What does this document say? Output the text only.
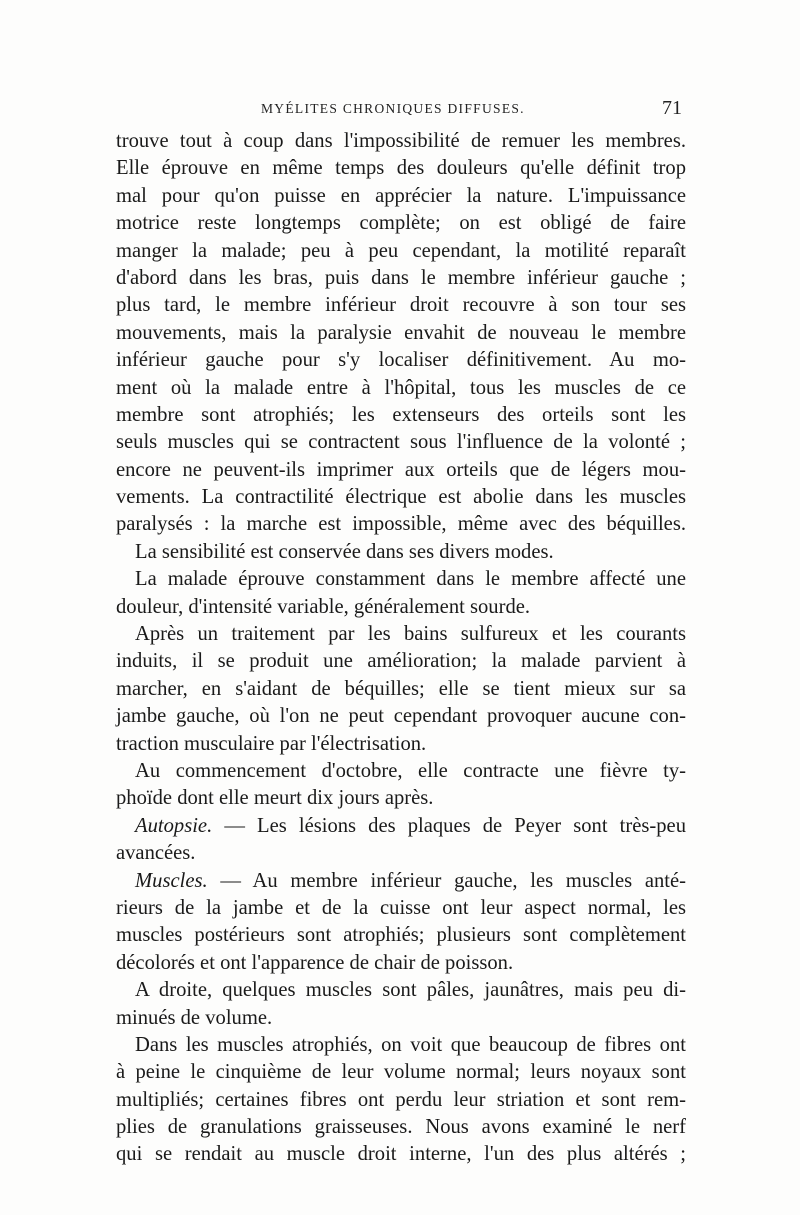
MYÉLITES CHRONIQUES DIFFUSES.	71
trouve tout à coup dans l'impossibilité de remuer les membres.
Elle éprouve en même temps des douleurs qu'elle définit trop
mal pour qu'on puisse en apprécier la nature. L'impuissance
motrice reste longtemps complète; on est obligé de faire
manger la malade; peu à peu cependant, la motilité reparaît
d'abord dans les bras, puis dans le membre inférieur gauche ;
plus tard, le membre inférieur droit recouvre à son tour ses
mouvements, mais la paralysie envahit de nouveau le membre
inférieur gauche pour s'y localiser définitivement. Au mo-
ment où la malade entre à l'hôpital, tous les muscles de ce
membre sont atrophiés; les extenseurs des orteils sont les
seuls muscles qui se contractent sous l'influence de la volonté ;
encore ne peuvent-ils imprimer aux orteils que de légers mou-
vements. La contractilité électrique est abolie dans les muscles
paralysés : la marche est impossible, même avec des béquilles.
La sensibilité est conservée dans ses divers modes.
La malade éprouve constamment dans le membre affecté une
douleur, d'intensité variable, généralement sourde.
Après un traitement par les bains sulfureux et les courants
induits, il se produit une amélioration; la malade parvient à
marcher, en s'aidant de béquilles; elle se tient mieux sur sa
jambe gauche, où l'on ne peut cependant provoquer aucune con-
traction musculaire par l'électrisation.
Au commencement d'octobre, elle contracte une fièvre ty-
phoïde dont elle meurt dix jours après.
Autopsie. — Les lésions des plaques de Peyer sont très-peu
avancées.
Muscles. — Au membre inférieur gauche, les muscles anté-
rieurs de la jambe et de la cuisse ont leur aspect normal, les
muscles postérieurs sont atrophiés; plusieurs sont complètement
décolorés et ont l'apparence de chair de poisson.
A droite, quelques muscles sont pâles, jaunâtres, mais peu di-
minués de volume.
Dans les muscles atrophiés, on voit que beaucoup de fibres ont
à peine le cinquième de leur volume normal; leurs noyaux sont
multipliés; certaines fibres ont perdu leur striation et sont rem-
plies de granulations graisseuses. Nous avons examiné le nerf
qui se rendait au muscle droit interne, l'un des plus altérés ;
